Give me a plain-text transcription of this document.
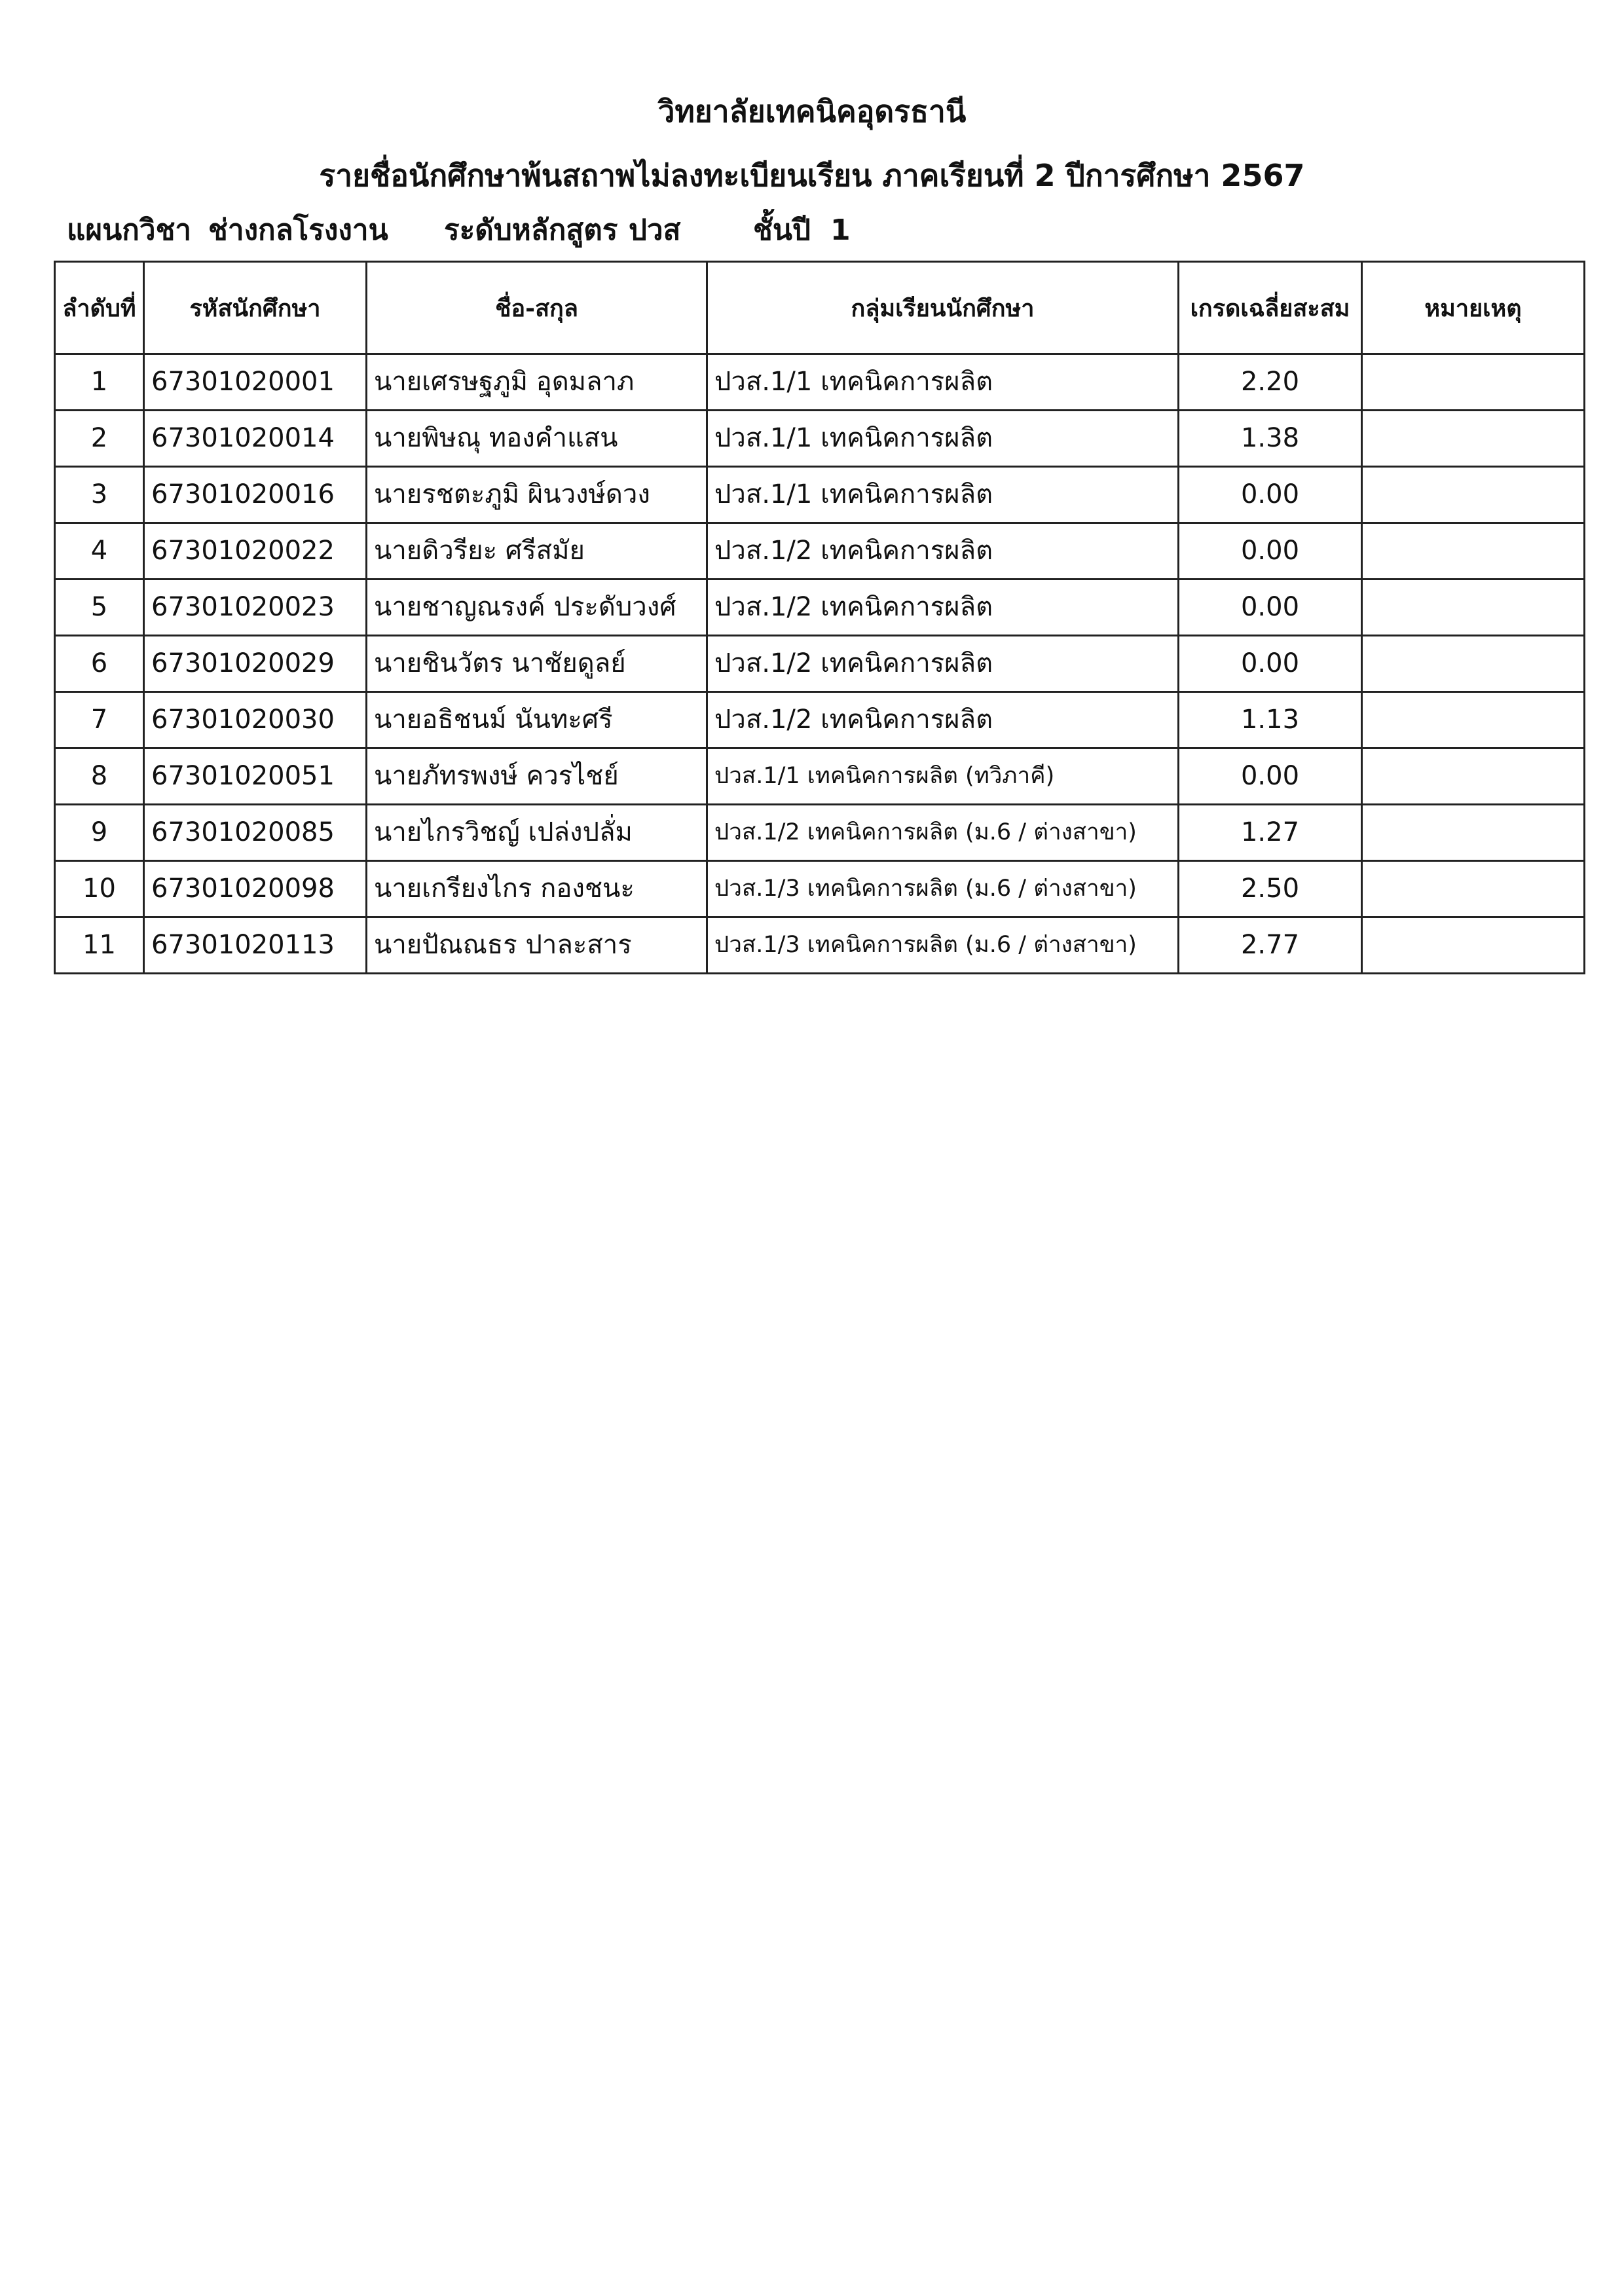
วิทยาลัยเทคนิคอุดรธานี
รายชื่อนักศึกษาพ้นสถาพไม่ลงทะเบียนเรียน ภาคเรียนที่ 2 ปีการศึกษา 2567
แผนกวิชา ช่างกลโรงงาน ระดับหลักสูตร ปวส	ชั้นปี 1
ลำดับที่	รหัสนักศึกษา	ชื่อ-สกุล	กลุ่มเรียนนักศึกษา	เกรดเฉลี่ยสะสม	หมายเหตุ
1	67301020001	นายเศรษฐภูมิ อุดมลาภ	ปวส.1/1 เทคนิคการผลิต	2.20	
2	67301020014	นายพิษณุ ทองคำแสน	ปวส.1/1 เทคนิคการผลิต	1.38	
3	67301020016	นายรชตะภูมิ ผินวงษ์ดวง	ปวส.1/1 เทคนิคการผลิต	0.00	
4	67301020022	นายดิวรียะ ศรีสมัย	ปวส.1/2 เทคนิคการผลิต	0.00	
5	67301020023	นายชาญณรงค์ ประดับวงศ์	ปวส.1/2 เทคนิคการผลิต	0.00	
6	67301020029	นายชินวัตร นาชัยดูลย์	ปวส.1/2 เทคนิคการผลิต	0.00	
7	67301020030	นายอธิชนม์ นันทะศรี	ปวส.1/2 เทคนิคการผลิต	1.13	
8	67301020051	นายภัทรพงษ์ ควรไชย์	ปวส.1/1 เทคนิคการผลิต (ทวิภาคี)	0.00	
9	67301020085	นายไกรวิชญ์ เปล่งปลั่ม	ปวส.1/2 เทคนิคการผลิต (ม.6 / ต่างสาขา)	1.27	
10	67301020098	นายเกรียงไกร กองชนะ	ปวส.1/3 เทคนิคการผลิต (ม.6 / ต่างสาขา)	2.50	
11	67301020113	นายปัณณธร ปาละสาร	ปวส.1/3 เทคนิคการผลิต (ม.6 / ต่างสาขา)	2.77	
